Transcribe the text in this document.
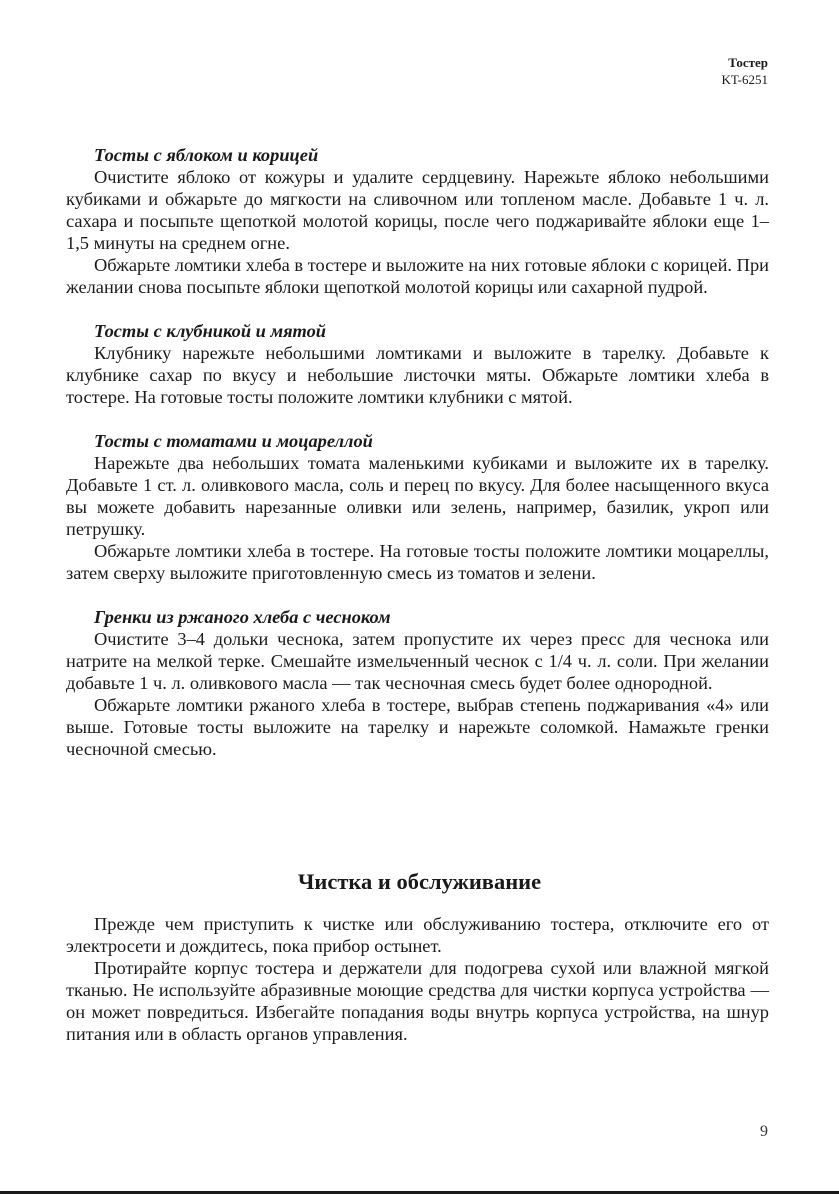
Тостер
KT-6251

Тосты с яблоком и корицей

Очистите яблоко от кожуры и удалите сердцевину. Нарежьте яблоко небольшими кубиками и обжарьте до мягкости на сливочном или топленом масле. Добавьте 1 ч. л. сахара и посыпьте щепоткой молотой корицы, после чего поджаривайте яблоки еще 1–1,5 минуты на среднем огне.

Обжарьте ломтики хлеба в тостере и выложите на них готовые яблоки с корицей. При желании снова посыпьте яблоки щепоткой молотой корицы или сахарной пудрой.

Тосты с клубникой и мятой

Клубнику нарежьте небольшими ломтиками и выложите в тарелку. Добавьте к клубнике сахар по вкусу и небольшие листочки мяты. Обжарьте ломтики хлеба в тостере. На готовые тосты положите ломтики клубники с мятой.

Тосты с томатами и моцареллой

Нарежьте два небольших томата маленькими кубиками и выложите их в тарелку. Добавьте 1 ст. л. оливкового масла, соль и перец по вкусу. Для более насыщенного вкуса вы можете добавить нарезанные оливки или зелень, например, базилик, укроп или петрушку.

Обжарьте ломтики хлеба в тостере. На готовые тосты положите ломтики моцареллы, затем сверху выложите приготовленную смесь из томатов и зелени.

Гренки из ржаного хлеба с чесноком

Очистите 3–4 дольки чеснока, затем пропустите их через пресс для чеснока или натрите на мелкой терке. Смешайте измельченный чеснок с 1/4 ч. л. соли. При желании добавьте 1 ч. л. оливкового масла — так чесночная смесь будет более однородной.

Обжарьте ломтики ржаного хлеба в тостере, выбрав степень поджаривания «4» или выше. Готовые тосты выложите на тарелку и нарежьте соломкой. Намажьте гренки чесночной смесью.

Чистка и обслуживание

Прежде чем приступить к чистке или обслуживанию тостера, отключите его от электросети и дождитесь, пока прибор остынет.

Протирайте корпус тостера и держатели для подогрева сухой или влажной мягкой тканью. Не используйте абразивные моющие средства для чистки корпуса устройства — он может повредиться. Избегайте попадания воды внутрь корпуса устройства, на шнур питания или в область органов управления.

9
